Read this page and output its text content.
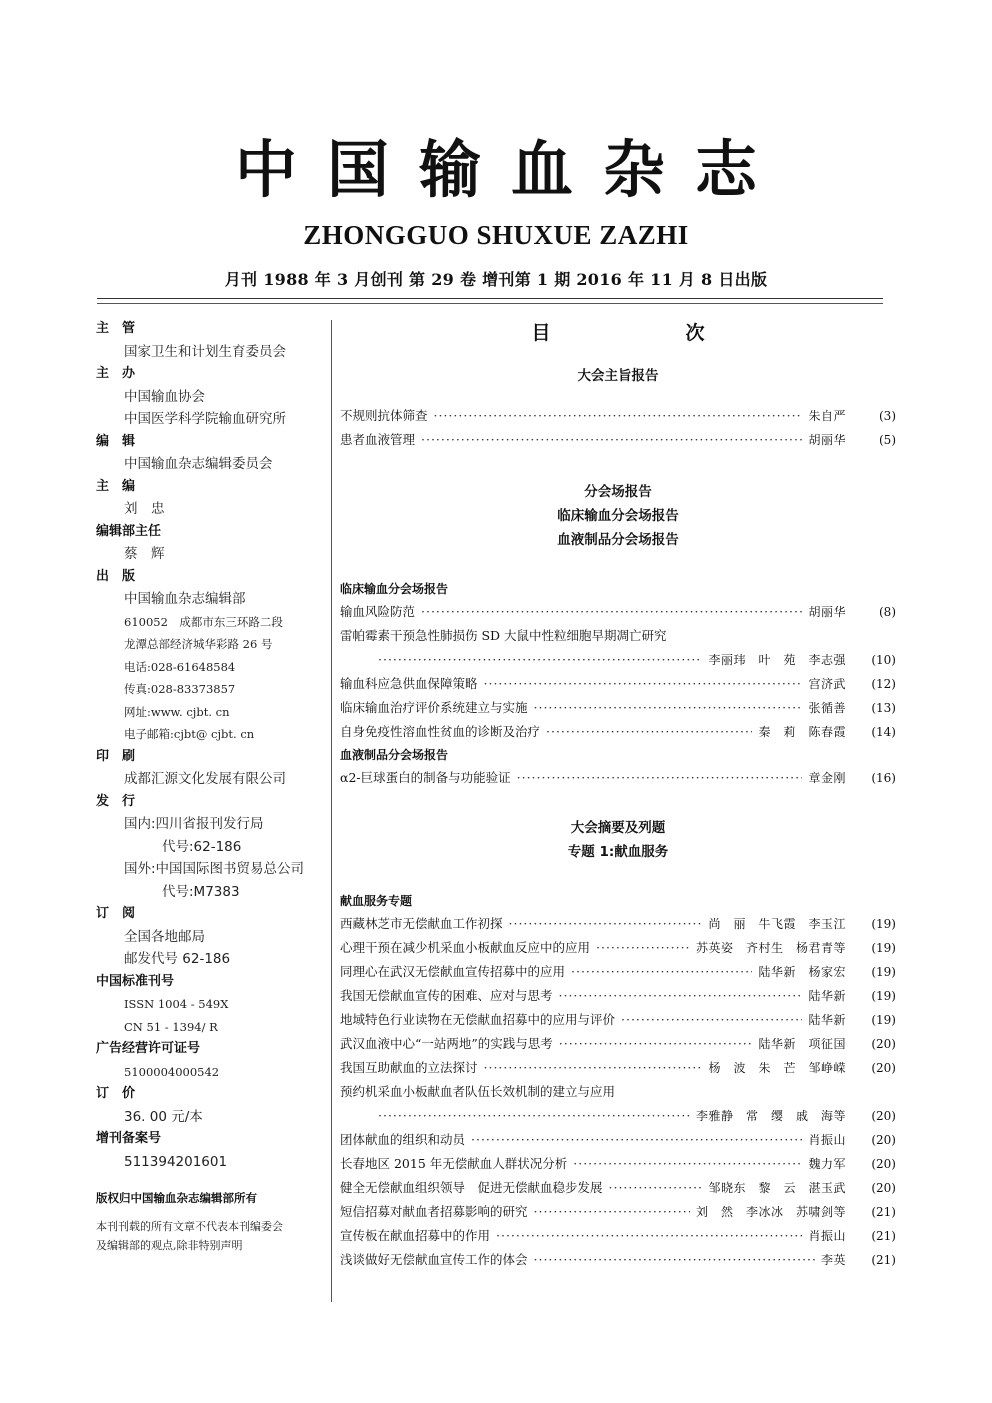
中国输血杂志
ZHONGGUO SHUXUE ZAZHI
月刊 1988 年 3 月创刊 第 29 卷 增刊第 1 期 2016 年 11 月 8 日出版
主　管
国家卫生和计划生育委员会
主　办
中国输血协会
中国医学科学院输血研究所
编　辑
中国输血杂志编辑委员会
主　编
刘　忠
编辑部主任
蔡　辉
出　版
中国输血杂志编辑部
610052　成都市东三环路二段
龙潭总部经济城华彩路 26 号
电话:028-61648584
传真:028-83373857
网址:www. cjbt. cn
电子邮箱:cjbt@ cjbt. cn
印　刷
成都汇源文化发展有限公司
发　行
国内:四川省报刊发行局
代号:62-186
国外:中国国际图书贸易总公司
代号:M7383
订　阅
全国各地邮局
邮发代号 62-186
中国标准刊号
ISSN 1004 - 549X
CN 51 - 1394/ R
广告经营许可证号
5100004000542
订　价
36. 00 元/本
增刊备案号
511394201601
版权归中国输血杂志编辑部所有
本刊刊载的所有文章不代表本刊编委会
及编辑部的观点,除非特别声明
目　次
大会主旨报告
不规则抗体筛查 ·····	朱自严	(3)
患者血液管理 ·····	胡丽华	(5)
分会场报告
临床输血分会场报告
血液制品分会场报告
临床输血分会场报告
输血风险防范 ·····	胡丽华	(8)
雷帕霉素干预急性肺损伤 SD 大鼠中性粒细胞早期凋亡研究
·····
李丽玮　叶　苑　李志强	(10)
输血科应急供血保障策略 ·····	宫济武	(12)
临床输血治疗评价系统建立与实施 ·····	张循善	(13)
自身免疫性溶血性贫血的诊断及治疗 ·····	秦　莉　陈春霞	(14)
血液制品分会场报告
α2-巨球蛋白的制备与功能验证 ·····	章金刚	(16)
大会摘要及列题
专题 1:献血服务
献血服务专题
西藏林芝市无偿献血工作初探 ·····	尚　丽　牛飞霞　李玉江	(19)
心理干预在减少机采血小板献血反应中的应用 ·····	苏英姿　齐村生　杨君青等	(19)
同理心在武汉无偿献血宣传招募中的应用 ·····	陆华新　杨家宏	(19)
我国无偿献血宣传的困难、应对与思考 ·····	陆华新	(19)
地域特色行业读物在无偿献血招募中的应用与评价 ·····	陆华新	(19)
武汉血液中心“一站两地”的实践与思考 ·····	陆华新　项征国	(20)
我国互助献血的立法探讨 ·····	杨　波　朱　芒　邹峥嵘	(20)
预约机采血小板献血者队伍长效机制的建立与应用
·····
李雅静　常　缨　戚　海等	(20)
团体献血的组织和动员 ·····	肖振山	(20)
长春地区 2015 年无偿献血人群状况分析 ·····	魏力军	(20)
健全无偿献血组织领导　促进无偿献血稳步发展 ·····	邹晓东　黎　云　湛玉武	(20)
短信招募对献血者招募影响的研究 ·····	刘　然　李冰冰　苏啸剑等	(21)
宣传板在献血招募中的作用 ·····	肖振山	(21)
浅谈做好无偿献血宣传工作的体会 ·····	李英	(21)
